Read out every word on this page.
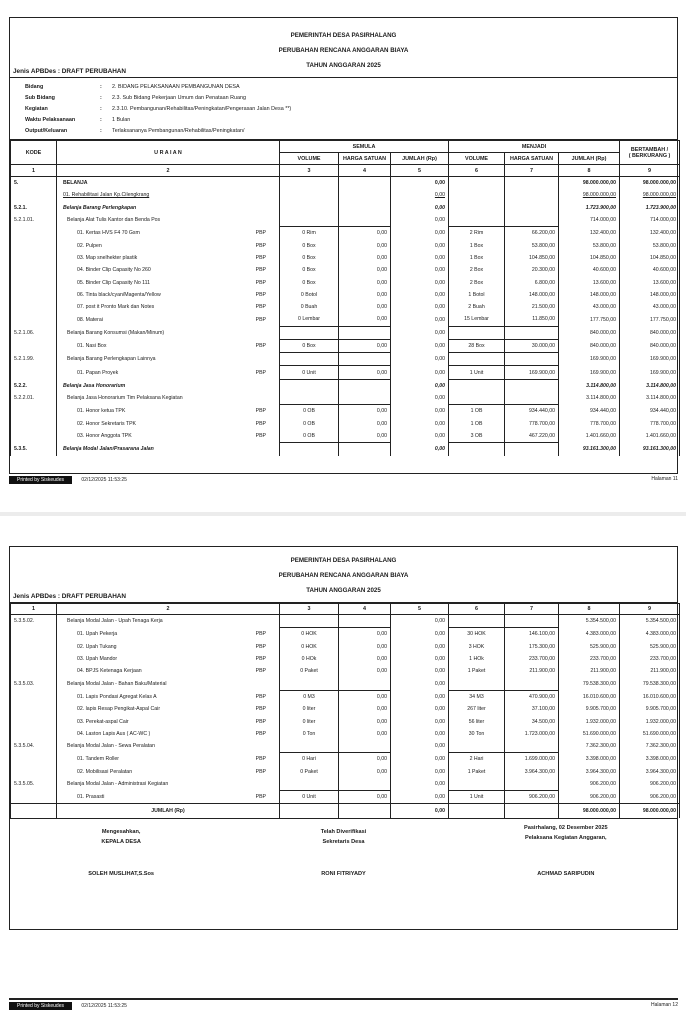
PEMERINTAH DESA PASIRHALANG
PERUBAHAN RENCANA ANGGARAN BIAYA
TAHUN ANGGARAN 2025
Jenis APBDes : DRAFT PERUBAHAN
Bidang	:	2. BIDANG PELAKSANAAN PEMBANGUNAN DESA
Sub Bidang	:	2.3. Sub Bidang Pekerjaan Umum dan Penataan Ruang
Kegiatan	:	2.3.10. Pembangunan/Rehabilitas/Peningkatan/Pengerasan Jalan Desa **)
Waktu Pelaksanaan	:	1 Bulan
Output/Keluaran	:	Terlaksananya Pembangunan/Rehabilitas/Peningkatan/
KODE	U R A I A N	SEMULA			MENJADI			BERTAMBAH /
( BERKURANG )
		VOLUME	HARGA SATUAN	JUMLAH (Rp)	VOLUME	HARGA SATUAN	JUMLAH (Rp)	
1	2	3	4	5	6	7	8	9
5.	BELANJA			0,00			98.000.000,00	98.000.000,00

	01. Rehabilitasi Jalan Kp.Cilengkrang			0,00			98.000.000,00	98.000.000,00
5.2.1.	Belanja Barang Perlengkapan			0,00			1.723.900,00	1.723.900,00
5.2.1.01.	Belanja Alat Tulis Kantor dan Benda Pos			0,00			714.000,00	714.000,00

	01. Kertas HVS F4 70 Gsm PBP	0 Rim	0,00	0,00	2 Rim	66.200,00	132.400,00	132.400,00

	02. Pulpen PBP	0 Box	0,00	0,00	1 Box	53.800,00	53.800,00	53.800,00

	03. Map snelhekter plastik PBP	0 Box	0,00	0,00	1 Box	104.850,00	104.850,00	104.850,00

	04. Binder Clip Capasity No 260 PBP	0 Box	0,00	0,00	2 Box	20.300,00	40.600,00	40.600,00

	05. Binder Clip Capasity No 111 PBP	0 Box	0,00	0,00	2 Box	6.800,00	13.600,00	13.600,00

	06. Tinta black/cyan/Magenta/Yellow PBP	0 Botol	0,00	0,00	1 Botol	148.000,00	148.000,00	148.000,00

	07. post it Pronto Mark dan Notes PBP	0 Buah	0,00	0,00	2 Buah	21.500,00	43.000,00	43.000,00

	08. Materai PBP	0 Lembar	0,00	0,00	15 Lembar	11.850,00	177.750,00	177.750,00
5.2.1.06.	Belanja Barang Konsumsi (Makan/Minum)			0,00			840.000,00	840.000,00

	01. Nasi Box PBP	0 Box	0,00	0,00	28 Box	30.000,00	840.000,00	840.000,00
5.2.1.99.	Belanja Barang Perlengkapan Lainnya			0,00			169.900,00	169.900,00

	01. Papan Proyek PBP	0 Unit	0,00	0,00	1 Unit	169.900,00	169.900,00	169.900,00
5.2.2.	Belanja Jasa Honorarium			0,00			3.114.800,00	3.114.800,00
5.2.2.01.	Belanja Jasa Honorarium Tim Pelaksana Kegiatan			0,00			3.114.800,00	3.114.800,00

	01. Honor ketua TPK PBP	0 OB	0,00	0,00	1 OB	934.440,00	934.440,00	934.440,00

	02. Honor Sekretaris TPK PBP	0 OB	0,00	0,00	1 OB	778.700,00	778.700,00	778.700,00

	03. Honor Anggota TPK PBP	0 OB	0,00	0,00	3 OB	467.220,00	1.401.660,00	1.401.660,00
5.3.5.	Belanja Modal Jalan/Prasarana Jalan			0,00			93.161.300,00	93.161.300,00
Printed by Siskeudes	02/12/2025 11:53:25	Halaman 11
PEMERINTAH DESA PASIRHALANG
PERUBAHAN RENCANA ANGGARAN BIAYA
TAHUN ANGGARAN 2025
Jenis APBDes : DRAFT PERUBAHAN
1	2	3	4	5	6	7	8	9
5.3.5.02.	Belanja Modal Jalan - Upah Tenaga Kerja			0,00			5.354.500,00	5.354.500,00

	01. Upah Pekerja PBP	0 HOK	0,00	0,00	30 HOK	146.100,00	4.383.000,00	4.383.000,00

	02. Upah Tukang PBP	0 HOK	0,00	0,00	3 HOK	175.300,00	525.900,00	525.900,00

	03. Upah Mandor PBP	0 HOk	0,00	0,00	1 HOk	233.700,00	233.700,00	233.700,00

	04. BPJS Ketenaga Kerjaan PBP	0 Paket	0,00	0,00	1 Paket	211.900,00	211.900,00	211.900,00
5.3.5.03.	Belanja Modal Jalan - Bahan Baku/Material			0,00			79.538.300,00	79.538.300,00

	01. Lapis Pondasi Agregat Kelas A PBP	0 M3	0,00	0,00	34 M3	470.900,00	16.010.600,00	16.010.600,00

	02. lapis Resap Pengikat-Aspal Cair PBP	0 liter	0,00	0,00	267 liter	37.100,00	9.905.700,00	9.905.700,00

	03. Perekat-aspal Cair PBP	0 liter	0,00	0,00	56 liter	34.500,00	1.932.000,00	1.932.000,00

	04. Laston Lapis Aus ( AC-WC ) PBP	0 Ton	0,00	0,00	30 Ton	1.723.000,00	51.690.000,00	51.690.000,00
5.3.5.04.	Belanja Modal Jalan - Sewa Peralatan			0,00			7.362.300,00	7.362.300,00

	01. Tandem Roller PBP	0 Hari	0,00	0,00	2 Hari	1.699.000,00	3.398.000,00	3.398.000,00

	02. Mobilisasi Peralatan PBP	0 Paket	0,00	0,00	1 Paket	3.964.300,00	3.964.300,00	3.964.300,00
5.3.5.05.	Belanja Modal Jalan - Administrasi Kegiatan			0,00			906.200,00	906.200,00

	01. Prasasti PBP	0 Unit	0,00	0,00	1 Unit	906.200,00	906.200,00	906.200,00
	JUMLAH (Rp)			0,00			98.000.000,00	98.000.000,00
Mengesahkan,
KEPALA DESA
SOLEH MUSLIHAT,S.Sos
Telah Diverifikasi
Sekretaris Desa
RONI FITRIYADY
Pasirhalang, 02 Desember 2025
Pelaksana Kegiatan Anggaran,
ACHMAD SARIPUDIN
Printed by Siskeudes	02/12/2025 11:53:25	Halaman 12
